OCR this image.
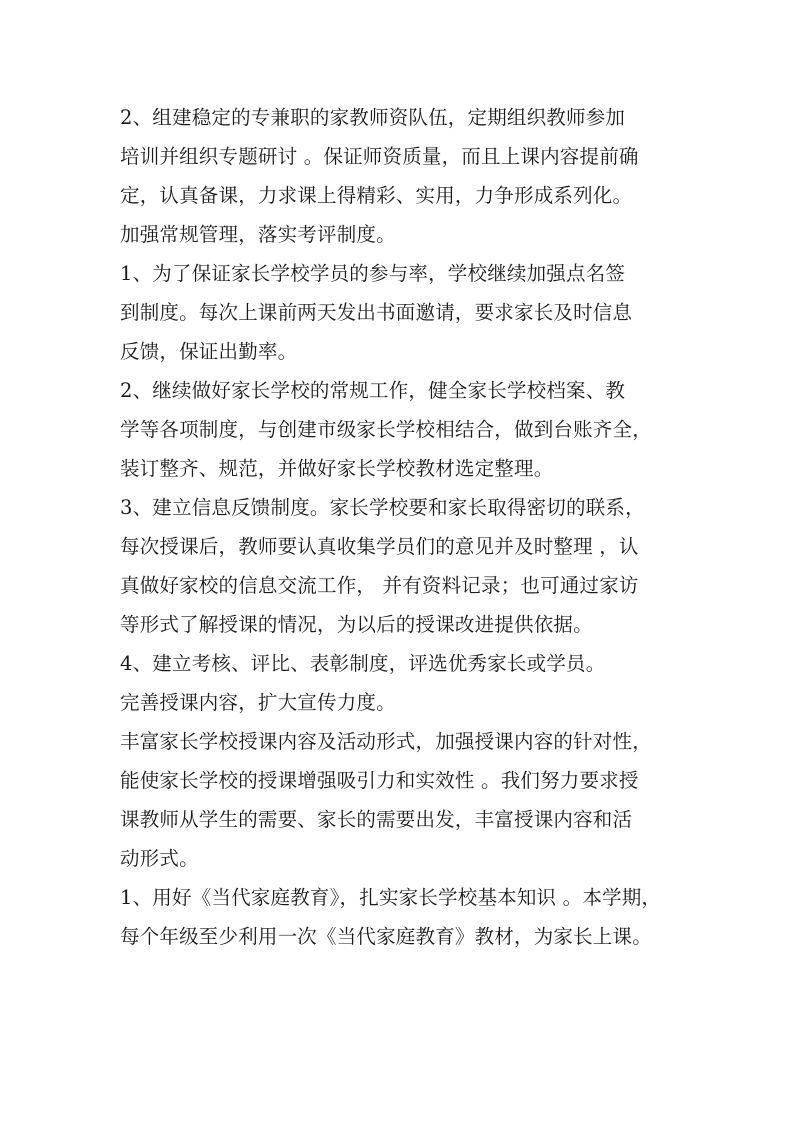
2、组建稳定的专兼职的家教师资队伍，定期组织教师参加
培训并组织专题研讨 。保证师资质量，而且上课内容提前确
定，认真备课，力求课上得精彩、实用，力争形成系列化。
加强常规管理，落实考评制度。
1、为了保证家长学校学员的参与率，学校继续加强点名签
到制度。每次上课前两天发出书面邀请，要求家长及时信息
反馈，保证出勤率。
2、继续做好家长学校的常规工作，健全家长学校档案、教
学等各项制度，与创建市级家长学校相结合，做到台账齐全，
装订整齐、规范，并做好家长学校教材选定整理。
3、建立信息反馈制度。家长学校要和家长取得密切的联系，
每次授课后，教师要认真收集学员们的意见并及时整理 ，认
真做好家校的信息交流工作， 并有资料记录；也可通过家访
等形式了解授课的情况，为以后的授课改进提供依据。
4、建立考核、评比、表彰制度，评选优秀家长或学员。
完善授课内容，扩大宣传力度。
丰富家长学校授课内容及活动形式，加强授课内容的针对性，
能使家长学校的授课增强吸引力和实效性 。我们努力要求授
课教师从学生的需要、家长的需要出发，丰富授课内容和活
动形式。
1、用好《当代家庭教育》，扎实家长学校基本知识 。本学期，
每个年级至少利用一次《当代家庭教育》教材，为家长上课。
